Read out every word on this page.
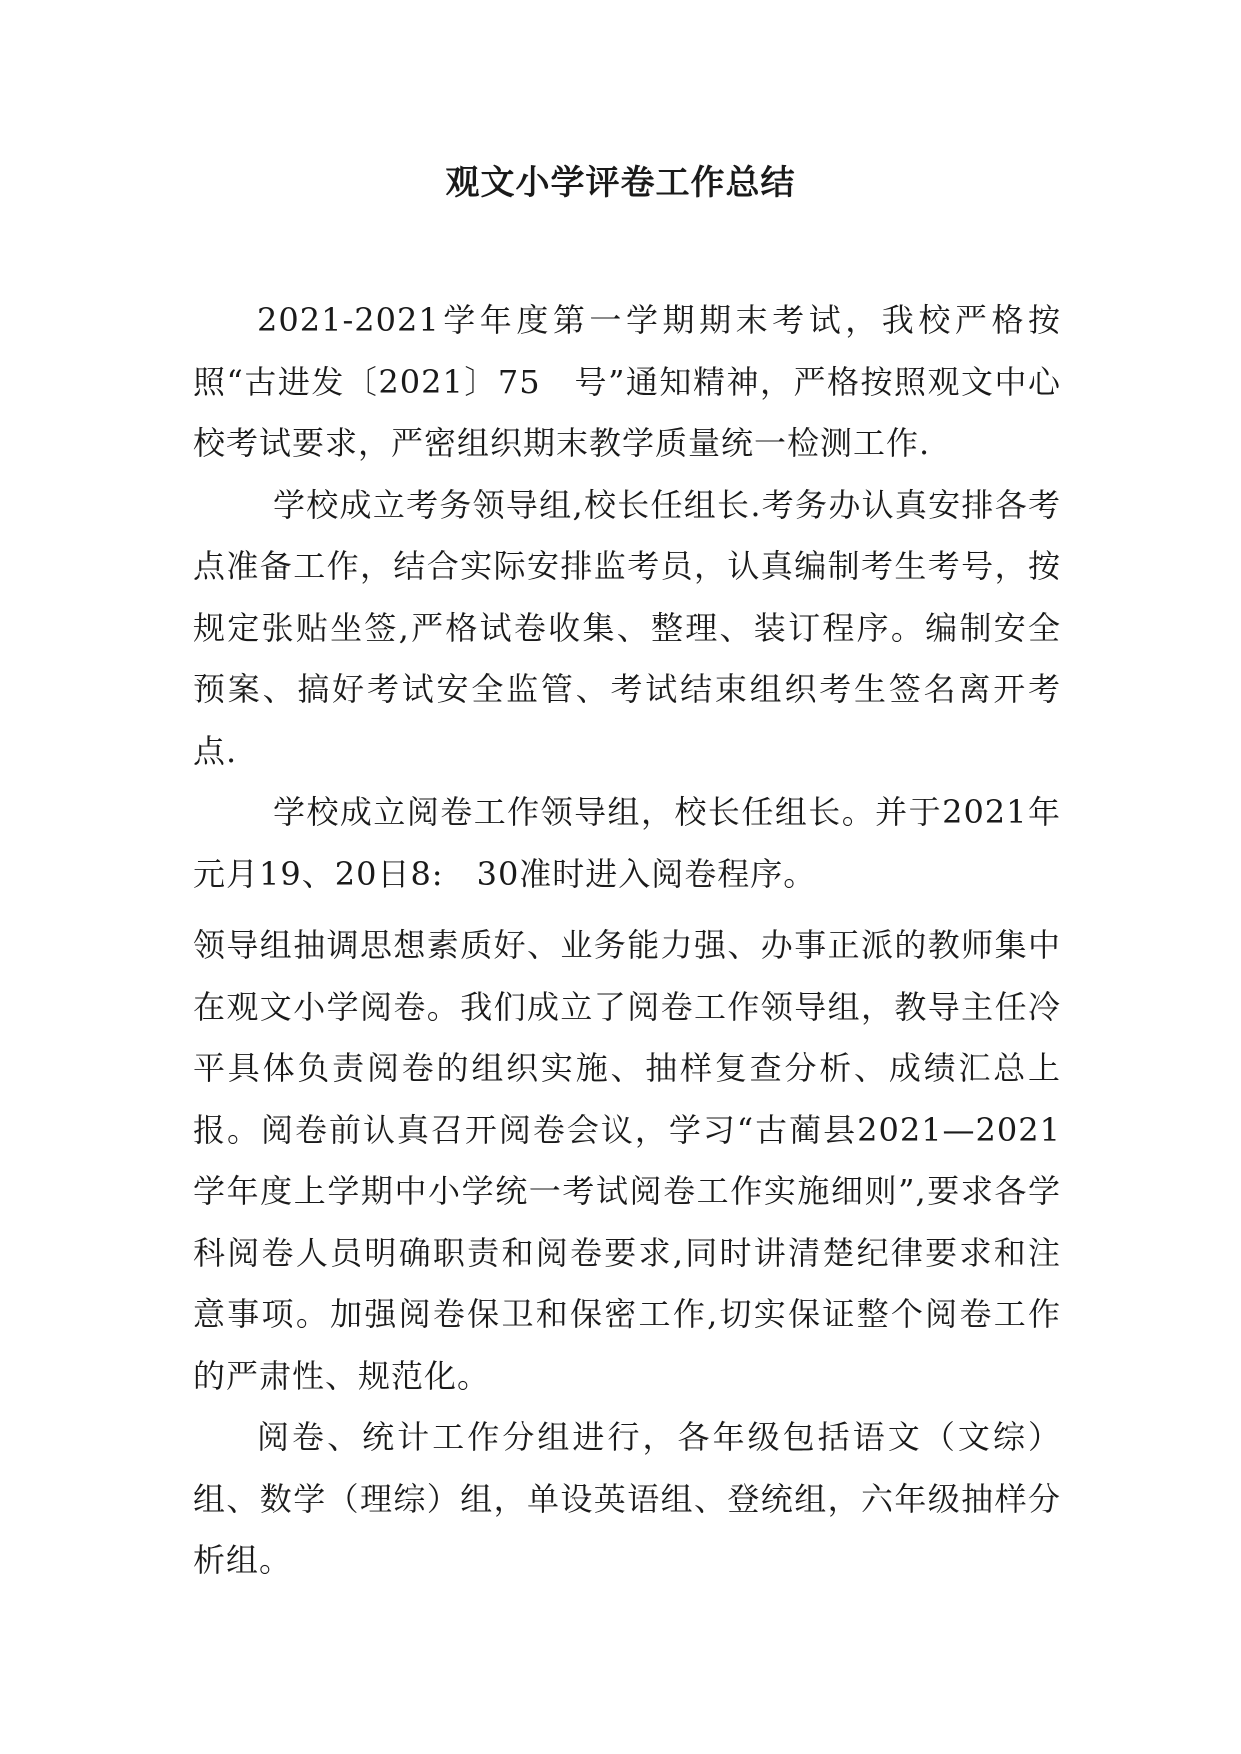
观文小学评卷工作总结

2021-2021学年度第一学期期末考试，我校严格按照“古进发〔2021〕75　号”通知精神，严格按照观文中心校考试要求，严密组织期末教学质量统一检测工作.

学校成立考务领导组,校长任组长.考务办认真安排各考点准备工作，结合实际安排监考员，认真编制考生考号，按规定张贴坐签,严格试卷收集、整理、装订程序。编制安全预案、搞好考试安全监管、考试结束组织考生签名离开考点.

学校成立阅卷工作领导组，校长任组长。并于2021年元月19、20日8:　30准时进入阅卷程序。

领导组抽调思想素质好、业务能力强、办事正派的教师集中在观文小学阅卷。我们成立了阅卷工作领导组，教导主任冷平具体负责阅卷的组织实施、抽样复查分析、成绩汇总上报。阅卷前认真召开阅卷会议，学习“古蔺县2021—2021学年度上学期中小学统一考试阅卷工作实施细则”,要求各学科阅卷人员明确职责和阅卷要求,同时讲清楚纪律要求和注意事项。加强阅卷保卫和保密工作,切实保证整个阅卷工作的严肃性、规范化。

阅卷、统计工作分组进行，各年级包括语文（文综）组、数学（理综）组，单设英语组、登统组，六年级抽样分析组。
